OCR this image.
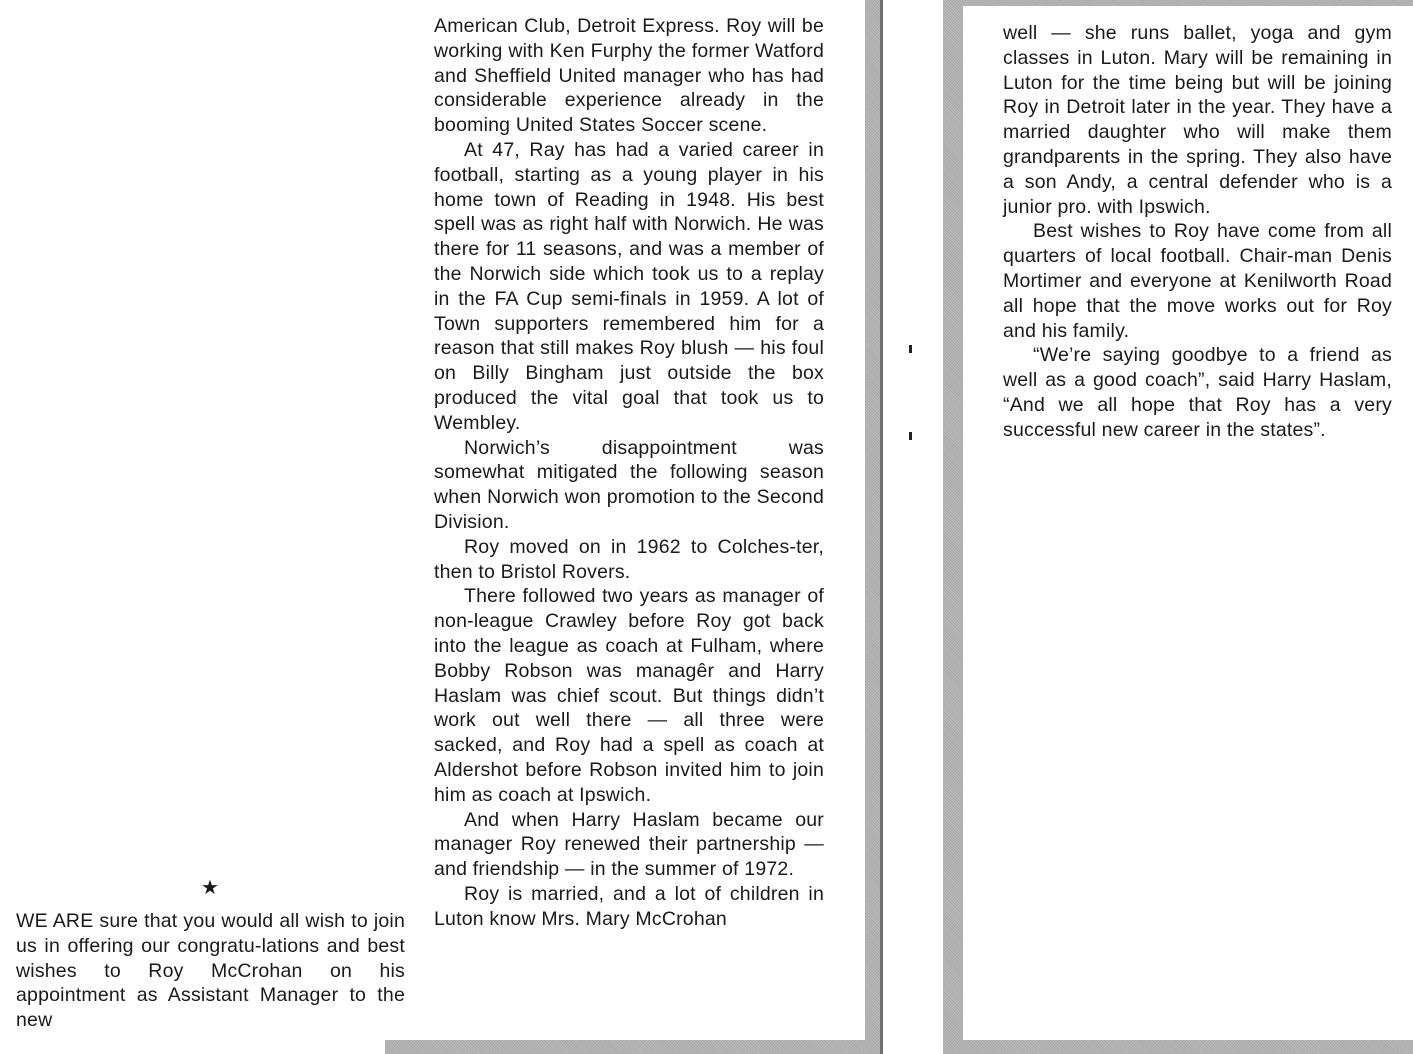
★

WE ARE sure that you would all wish to join us in offering our congratu-lations and best wishes to Roy McCrohan on his appointment as Assistant Manager to the new

American Club, Detroit Express. Roy will be working with Ken Furphy the former Watford and Sheffield United manager who has had considerable experience already in the booming United States Soccer scene.

At 47, Ray has had a varied career in football, starting as a young player in his home town of Reading in 1948. His best spell was as right half with Norwich. He was there for 11 seasons, and was a member of the Norwich side which took us to a replay in the FA Cup semi-finals in 1959. A lot of Town supporters remembered him for a reason that still makes Roy blush — his foul on Billy Bingham just outside the box produced the vital goal that took us to Wembley.

Norwich’s disappointment was somewhat mitigated the following season when Norwich won promotion to the Second Division.

Roy moved on in 1962 to Colches-ter, then to Bristol Rovers.

There followed two years as manager of non-league Crawley before Roy got back into the league as coach at Fulham, where Bobby Robson was managêr and Harry Haslam was chief scout. But things didn’t work out well there — all three were sacked, and Roy had a spell as coach at Aldershot before Robson invited him to join him as coach at Ipswich.

And when Harry Haslam became our manager Roy renewed their partnership — and friendship — in the summer of 1972.

Roy is married, and a lot of children in Luton know Mrs. Mary McCrohan

well — she runs ballet, yoga and gym classes in Luton. Mary will be remaining in Luton for the time being but will be joining Roy in Detroit later in the year. They have a married daughter who will make them grandparents in the spring. They also have a son Andy, a central defender who is a junior pro. with Ipswich.

Best wishes to Roy have come from all quarters of local football. Chair-man Denis Mortimer and everyone at Kenilworth Road all hope that the move works out for Roy and his family.

“We’re saying goodbye to a friend as well as a good coach”, said Harry Haslam, “And we all hope that Roy has a very successful new career in the states”.
